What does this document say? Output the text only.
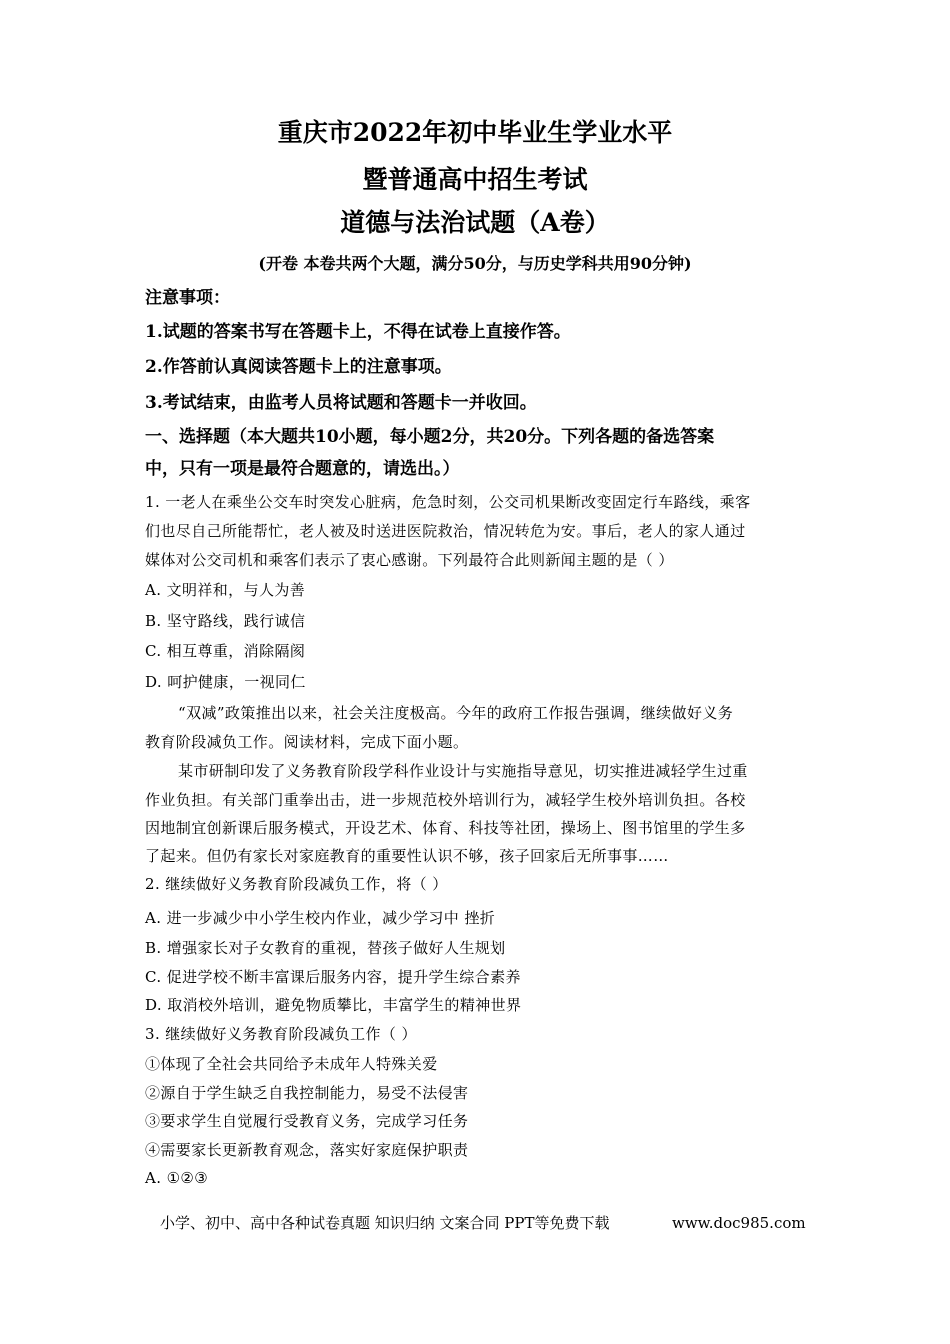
重庆市2022年初中毕业生学业水平
暨普通高中招生考试
道德与法治试题（A卷）
(开卷 本卷共两个大题，满分50分，与历史学科共用90分钟)
注意事项：
1.试题的答案书写在答题卡上，不得在试卷上直接作答。
2.作答前认真阅读答题卡上的注意事项。
3.考试结束，由监考人员将试题和答题卡一并收回。
一、选择题（本大题共10小题，每小题2分，共20分。下列各题的备选答案
中，只有一项是最符合题意的，请选出。）
1. 一老人在乘坐公交车时突发心脏病，危急时刻，公交司机果断改变固定行车路线，乘客
们也尽自己所能帮忙，老人被及时送进医院救治，情况转危为安。事后，老人的家人通过
媒体对公交司机和乘客们表示了衷心感谢。下列最符合此则新闻主题的是（ ）
A. 文明祥和，与人为善
B. 坚守路线，践行诚信
C. 相互尊重，消除隔阂
D. 呵护健康，一视同仁
“双减”政策推出以来，社会关注度极高。今年的政府工作报告强调，继续做好义务
教育阶段减负工作。阅读材料，完成下面小题。
某市研制印发了义务教育阶段学科作业设计与实施指导意见，切实推进减轻学生过重
作业负担。有关部门重拳出击，进一步规范校外培训行为，减轻学生校外培训负担。各校
因地制宜创新课后服务模式，开设艺术、体育、科技等社团，操场上、图书馆里的学生多
了起来。但仍有家长对家庭教育的重要性认识不够，孩子回家后无所事事……
2. 继续做好义务教育阶段减负工作，将（ ）
A. 进一步减少中小学生校内作业，减少学习中 挫折
B. 增强家长对子女教育的重视，替孩子做好人生规划
C. 促进学校不断丰富课后服务内容，提升学生综合素养
D. 取消校外培训，避免物质攀比，丰富学生的精神世界
3. 继续做好义务教育阶段减负工作（ ）
①体现了全社会共同给予未成年人特殊关爱
②源自于学生缺乏自我控制能力，易受不法侵害
③要求学生自觉履行受教育义务，完成学习任务
④需要家长更新教育观念，落实好家庭保护职责
A. ①②③
小学、初中、高中各种试卷真题 知识归纳 文案合同 PPT等免费下载	www.doc985.com
